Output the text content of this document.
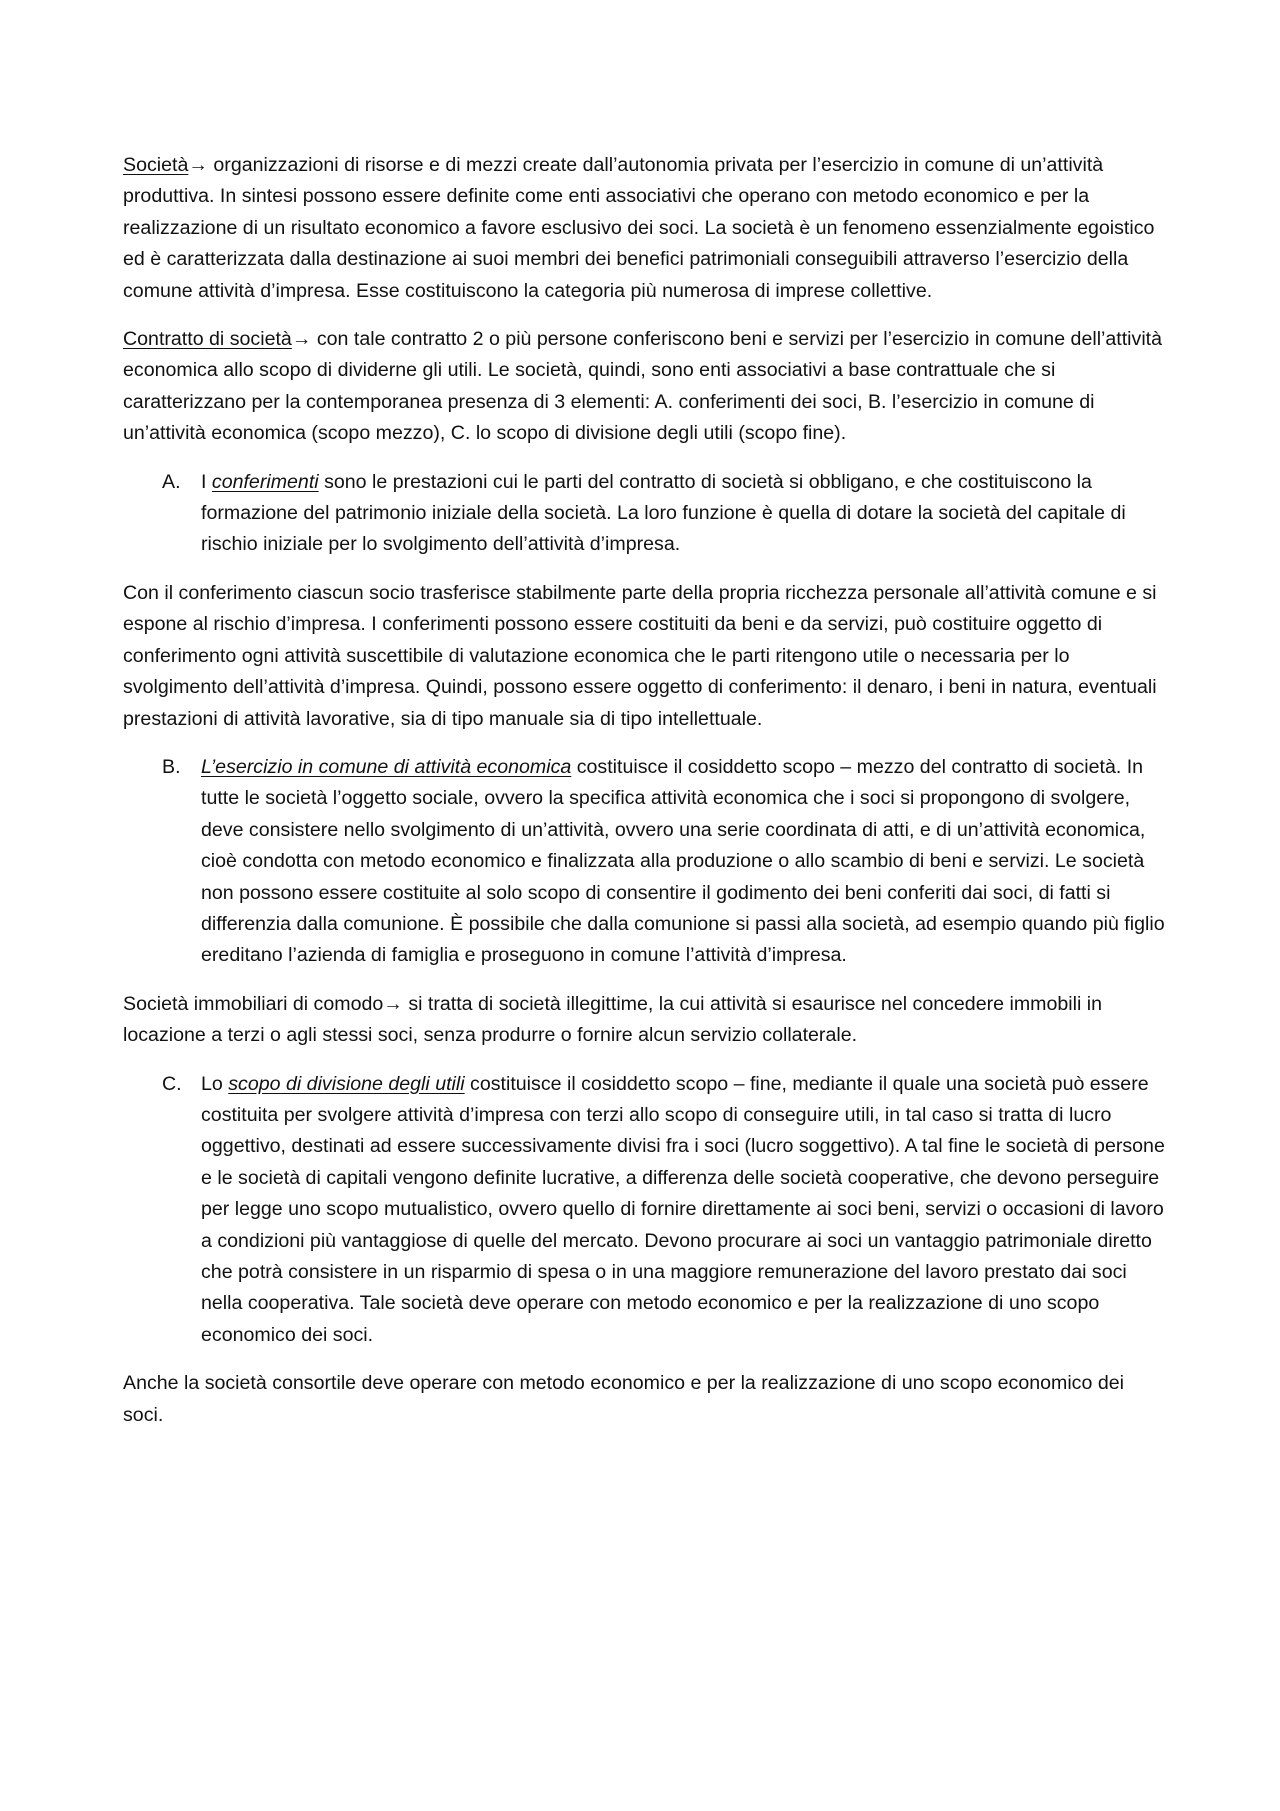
Società→ organizzazioni di risorse e di mezzi create dall’autonomia privata per l’esercizio in comune di un’attività produttiva. In sintesi possono essere definite come enti associativi che operano con metodo economico e per la realizzazione di un risultato economico a favore esclusivo dei soci. La società è un fenomeno essenzialmente egoistico ed è caratterizzata dalla destinazione ai suoi membri dei benefici patrimoniali conseguibili attraverso l’esercizio della comune attività d’impresa. Esse costituiscono la categoria più numerosa di imprese collettive.

Contratto di società→ con tale contratto 2 o più persone conferiscono beni e servizi per l’esercizio in comune dell’attività economica allo scopo di dividerne gli utili. Le società, quindi, sono enti associativi a base contrattuale che si caratterizzano per la contemporanea presenza di 3 elementi: A. conferimenti dei soci, B. l’esercizio in comune di un’attività economica (scopo mezzo), C. lo scopo di divisione degli utili (scopo fine).

A. I conferimenti sono le prestazioni cui le parti del contratto di società si obbligano, e che costituiscono la formazione del patrimonio iniziale della società. La loro funzione è quella di dotare la società del capitale di rischio iniziale per lo svolgimento dell’attività d’impresa.

Con il conferimento ciascun socio trasferisce stabilmente parte della propria ricchezza personale all’attività comune e si espone al rischio d’impresa. I conferimenti possono essere costituiti da beni e da servizi, può costituire oggetto di conferimento ogni attività suscettibile di valutazione economica che le parti ritengono utile o necessaria per lo svolgimento dell’attività d’impresa. Quindi, possono essere oggetto di conferimento: il denaro, i beni in natura, eventuali prestazioni di attività lavorative, sia di tipo manuale sia di tipo intellettuale.

B. L’esercizio in comune di attività economica costituisce il cosiddetto scopo – mezzo del contratto di società. In tutte le società l’oggetto sociale, ovvero la specifica attività economica che i soci si propongono di svolgere, deve consistere nello svolgimento di un’attività, ovvero una serie coordinata di atti, e di un’attività economica, cioè condotta con metodo economico e finalizzata alla produzione o allo scambio di beni e servizi. Le società non possono essere costituite al solo scopo di consentire il godimento dei beni conferiti dai soci, di fatti si differenzia dalla comunione. È possibile che dalla comunione si passi alla società, ad esempio quando più figlio ereditano l’azienda di famiglia e proseguono in comune l’attività d’impresa.

Società immobiliari di comodo→ si tratta di società illegittime, la cui attività si esaurisce nel concedere immobili in locazione a terzi o agli stessi soci, senza produrre o fornire alcun servizio collaterale.

C. Lo scopo di divisione degli utili costituisce il cosiddetto scopo – fine, mediante il quale una società può essere costituita per svolgere attività d’impresa con terzi allo scopo di conseguire utili, in tal caso si tratta di lucro oggettivo, destinati ad essere successivamente divisi fra i soci (lucro soggettivo). A tal fine le società di persone e le società di capitali vengono definite lucrative, a differenza delle società cooperative, che devono perseguire per legge uno scopo mutualistico, ovvero quello di fornire direttamente ai soci beni, servizi o occasioni di lavoro a condizioni più vantaggiose di quelle del mercato. Devono procurare ai soci un vantaggio patrimoniale diretto che potrà consistere in un risparmio di spesa o in una maggiore remunerazione del lavoro prestato dai soci nella cooperativa. Tale società deve operare con metodo economico e per la realizzazione di uno scopo economico dei soci.

Anche la società consortile deve operare con metodo economico e per la realizzazione di uno scopo economico dei soci.
